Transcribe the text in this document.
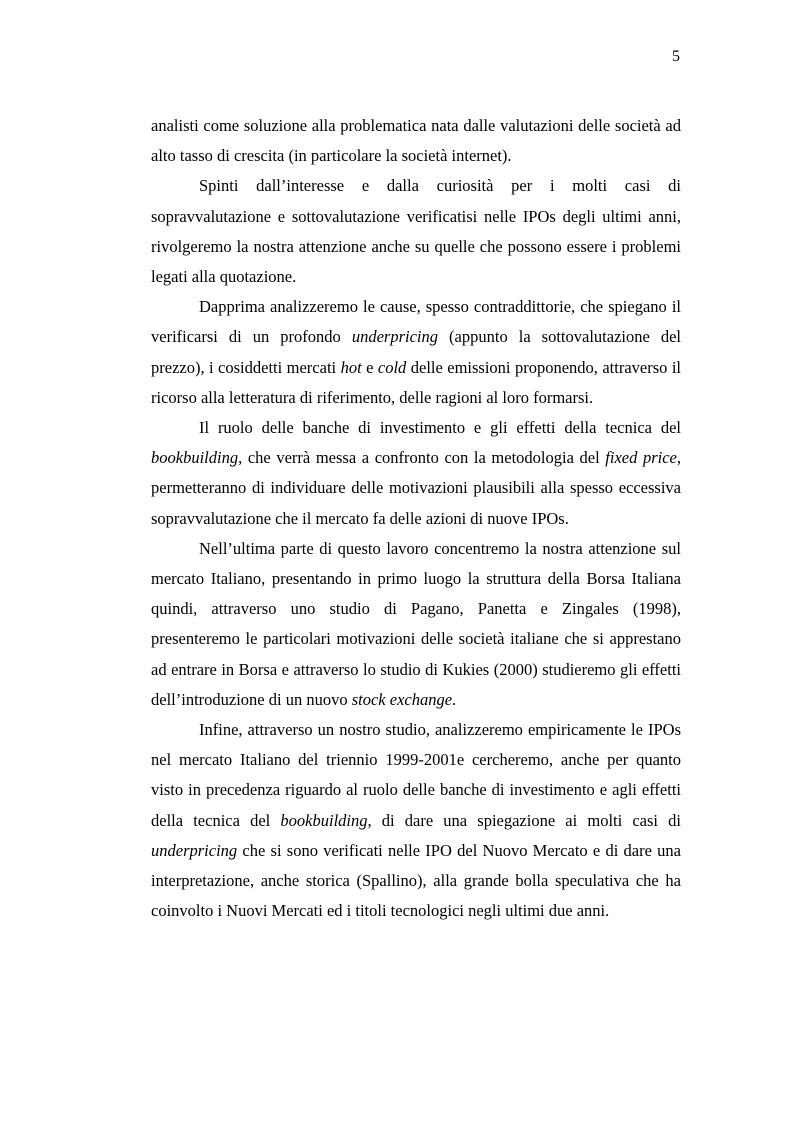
5

analisti come soluzione alla problematica nata dalle valutazioni delle società ad alto tasso di crescita (in particolare la società internet).

Spinti dall’interesse e dalla curiosità per i molti casi di sopravvalutazione e sottovalutazione verificatisi nelle IPOs degli ultimi anni, rivolgeremo la nostra attenzione anche su quelle che possono essere i problemi legati alla quotazione.

Dapprima analizzeremo le cause, spesso contraddittorie, che spiegano il verificarsi di un profondo underpricing (appunto la sottovalutazione del prezzo), i cosiddetti mercati hot e cold delle emissioni proponendo, attraverso il ricorso alla letteratura di riferimento, delle ragioni al loro formarsi.

Il ruolo delle banche di investimento e gli effetti della tecnica del bookbuilding, che verrà messa a confronto con la metodologia del fixed price, permetteranno di individuare delle motivazioni plausibili alla spesso eccessiva sopravvalutazione che il mercato fa delle azioni di nuove IPOs.

Nell’ultima parte di questo lavoro concentremo la nostra attenzione sul mercato Italiano, presentando in primo luogo la struttura della Borsa Italiana quindi, attraverso uno studio di Pagano, Panetta e Zingales (1998), presenteremo le particolari motivazioni delle società italiane che si apprestano ad entrare in Borsa e attraverso lo studio di Kukies (2000) studieremo gli effetti dell’introduzione di un nuovo stock exchange.

Infine, attraverso un nostro studio, analizzeremo empiricamente le IPOs nel mercato Italiano del triennio 1999-2001e cercheremo, anche per quanto visto in precedenza riguardo al ruolo delle banche di investimento e agli effetti della tecnica del bookbuilding, di dare una spiegazione ai molti casi di underpricing che si sono verificati nelle IPO del Nuovo Mercato e di dare una interpretazione, anche storica (Spallino), alla grande bolla speculativa che ha coinvolto i Nuovi Mercati ed i titoli tecnologici negli ultimi due anni.
